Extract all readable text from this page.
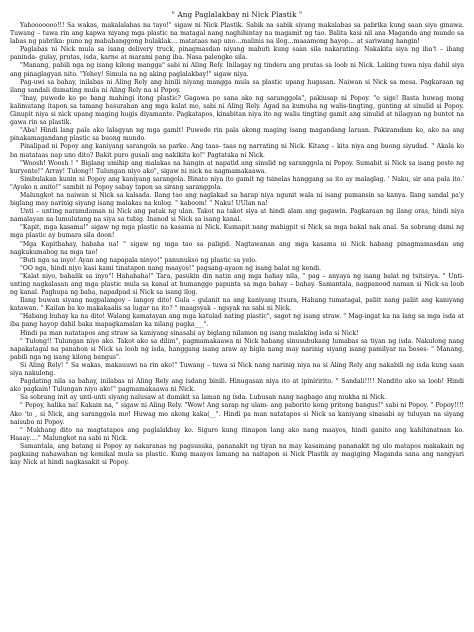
" Ang Paglalakbay ni Nick Plastik "

Yahooooooo!!! Sa wakas, makalalabas na tayo!" sigaw ni Nick Plastik. Sabik na sabik siyang makalabas sa pabrika kung saan siya ginawa. Tuwang – tuwa rin ang kapwa niyang mga plastic na matagal nang naghihintay na magamit ng tao. Balita kasi nil ana Maganda ang mundo sa labas ng pabrika: puno ng mababanggong bulaklak… matataas nap uno…malinis na ilog…maaamong hayop… at sariwang hangin!

Paglabas ni Nick mula sa isang delivery truck, pinagmasdan niyang mabuti kung saan sila nakarating. Nakakita siya ng iba't – ibang paninda- gulay, prutas, isda, karne at marami pang iba. Nasa palengke sila.

"Manang, pabili nga ng isang kilong mangga" sabi ni Aling Rely. Inilagay ng tindera ang prutas sa loob ni Nick. Laking tuwa niya dahil siya ang pinaglagyan nito. "Yehey! Simula na ng aking paglalakbay!" sigaw niya.

Pag-uwi sa bahay, inilabas ni Aling Rely ang binili niyang mangga mula sa plastic upang hugasan. Naiwan si Nick sa mesa. Pagkaraan ng ilang sandali dumating mula ni Aling Rely na si Popoy.

"Inay, puwede ko po bang mahingi itong plastic? Gagawa po sana ako ng saranggola", pakiusap ni Popoy. "o sige! Basta huwag mong kalimutang itapon sa tamang basurahan ang mga kalat mo, sabi ni Aling Rely. Agad na kumuha ng walis-tingting, gunting at sinulid si Popoy. Ginupit niya si nick upang maging hugis diyamante. Pagkatapos, kinabitan niya ito ng walis tingting gamit ang sinulid at nilagyan ng buntot na gawa rin sa plastik.

"Aba! Hindi lang pala ako lalagyan ng mga gamit! Puwede rin pala akong maging isang magandang laruan. Pakiramdam ko, ako na ang pinakamagandang plastic sa buong mundo.

Pinalipad ni Popoy ang kaniyang sarangola sa parke. Ang taas- taas ng narrating ni Nick. Kitang – kita niya ang buong siyudad. " Akala ko ba matataas nap uno dito? Bakit puro gusali ang nakikita ko!" Pagtataka ni Nick.

"Woosh! Woosh ! " Biglang umihip ang malakas na hangin at napatid ang sinulid ng saranggola ni Popoy. Sumabit si Nick sa isang poste ng kuryente!" Array! Tulong!! Tulungan niyo ako", sigaw ni nick na nagmamakaawa.

Simbulakan kunin ni Popoy ang kaniyang sarangola. Binato niya ito gamit ng tsinelas hanggang sa ito ay malaglag. ' Naku, sir ana pala ito.' "Ayoko n anito!" sambit ni Popoy sabay tapon sa sirang saranggola.

Malungkot na naiwan si Nick sa kalsada. Ilang tao ang naglakad sa harap niya ngunit wala ni isang pumansin sa kanya. Ilang sandal pa'y biglang may narinig siyang isang malakas na kulog. " kaboom! " Naku! UUlan na!

Unti – unting naramdaman ni Nick ang patak ng ulan. Takot na takot siya at hindi alam ang gagawin. Pagkaraan ng ilang oras, hindi niya namalayan na lumulutang na siya sa tubig. Inanod si Nick sa isang kanal.

"Kapit, mga kasama!" sigaw ng mga plastic na kasama ni Nick. Kumapit nang mahigpit si Nick sa mga bakal nak anal. Sa sobrang dami ng mga plastic ay bumara sila doon!

"Mga Kapitbahay, babaha na! " sigaw ng mga tao sa paligid. Nagtawanan ang mga kasama ni Nick habang pinagmamasdan ang nagkukumahog na mga tao!

"Buti nga sa inyo! Ayan ang napapala ninyo!" panunukso ng plastic sa yelo.

"OO nga, hindi niyo kasi kami tinatapon nang maayos!" pagsang-ayaon ng isang balat ng kendi.

"Kalat niyo, babalik sa inyo"! Hahahaha!" Tara, pasukin din natin ang mga bahay nila, " pag – anyaya ng isang balat ng tsitsirya. " Unti-unting nagkalasan ang mga plastic mula sa kanal at humanggo papunta sa mga bahay – bahay. Samantala, nagpanood naman si Nick sa loob ng kanal. Paghupa ng baha, napadpad si Nick sa isang ilog.

Ilang buwan siyang nagpalangoy – langoy dito! Gula – gulanit na ang kaniyang itsura, Habang tumatagal, paliit nang paliit ang kaniyang katawan. " Kailan ba ko makakaalis sa lugar na ito? " maagsyak – ngsyak na sabi ni Nick.

"Habang buhay ka na dito! Walang kamatayan ang mga katulad nating plastic", sagot ng isang straw. " Mag-ingat ka na lang sa mga isda at iba pang hayop dahil baka mapagkamalan ka nilang pagka___".

Hindi pa man natatapos ang straw sa kaniyang sinasabi ay biglang nilamon ng isang malaking isda si Nick!

" Tulong!! Tulungan niyo ako. Takot ako sa dilim", pagmamakaawa ni Nick habang sinusubukang lumabas sa tiyan ng isda. Nakulong nang napakatagal na panahon si Nick sa loob ng isda, hanggang isang araw ay bigla nang may narinig siyang isang pamilyar na boses- " Manang, pabili nga ng isang kilong bangus".

Si Aling Rely! " Sa wakas, makauuwi na rin ako!" Tuwang – tuwa si Nick nang narinig niya na si Aling Rely ang nakabili ng isda kung saan siya nakulong.

Pagdating nila sa bahay, inilabas ni Aling Rely ang isdang binili. Hinugasan niya ito at ipiniririto. " Sandali!!!! Nandito ako sa loob! Hindi ako pagkain! Tulungan niyo ako!" pagmamakaawa ni Nick.

Sa sobrang init ay unti-unti siyang nalusaw at dumikit sa laman ng isda. Lubusan nang nagbago ang mukha ni Nick.

" Popoy, halika na! Kakain na, " sigaw ni Aling Rely. "Wow! Ang sarap ng ulam- ang paborito kong pritong bangus!" sabi ni Popoy. " Popoy!!!! Ako 'to , si Nick, ang saranggola mo! Huwag mo akong kaka(__". Hindi pa man natatapos si Nick sa kaniyang sinasabi ay tuluyan na siyang naisubo ni Popoy.

" Mukhang dito na magtatapos ang paglalakbay ko. Siguro kung itinapon lang ako nang maayos, hindi ganito ang kahihinatnan ko. Haaay…." Malungkot na sabi ni Nick.

Samantala, ang batang si Popoy ay nakaranas ng pagsusuka, pananakit ng tiyan na may kasamang pananakit ng ulo matapos makakain ng pagkaing nahawahan ng kemikal mula sa plastic. Kung maayos lamang na naitapon si Nick Plastik ay magiging Maganda sana ang nangyari kay Nick at hindi nagkasakit si Popoy.
